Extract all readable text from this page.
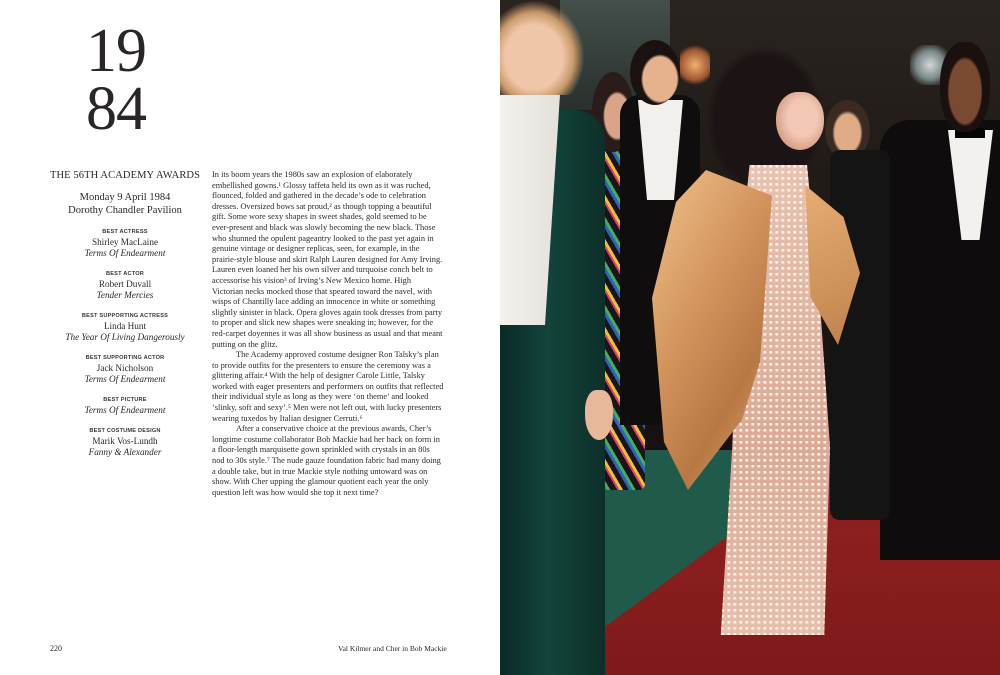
19
84
THE 56TH ACADEMY AWARDS
Monday 9 April 1984
Dorothy Chandler Pavilion
BEST ACTRESS
Shirley MacLaine
Terms Of Endearment
BEST ACTOR
Robert Duvall
Tender Mercies
BEST SUPPORTING ACTRESS
Linda Hunt
The Year Of Living Dangerously
BEST SUPPORTING ACTOR
Jack Nicholson
Terms Of Endearment
BEST PICTURE
Terms Of Endearment
BEST COSTUME DESIGN
Marik Vos-Lundh
Fanny & Alexander

In its boom years the 1980s saw an explosion of elaborately embellished gowns.¹ Glossy taffeta held its own as it was ruched, flounced, folded and gathered in the decade’s ode to celebration dresses. Oversized bows sat proud,² as though topping a beautiful gift. Some wore sexy shapes in sweet shades, gold seemed to be ever-present and black was slowly becoming the new black. Those who shunned the opulent pageantry looked to the past yet again in genuine vintage or designer replicas, seen, for example, in the prairie-style blouse and skirt Ralph Lauren designed for Amy Irving. Lauren even loaned her his own silver and turquoise conch belt to accessorise his vision³ of Irving’s New Mexico home. High Victorian necks mocked those that speared toward the navel, with wisps of Chantilly lace adding an innocence in white or something slightly sinister in black. Opera gloves again took dresses from party to proper and slick new shapes were sneaking in; however, for the red-carpet doyennes it was all show business as usual and that meant putting on the glitz.

The Academy approved costume designer Ron Talsky’s plan to provide outfits for the presenters to ensure the ceremony was a glittering affair.⁴ With the help of designer Carole Little, Talsky worked with eager presenters and performers on outfits that reflected their individual style as long as they were ‘on theme’ and looked ‘slinky, soft and sexy’.⁵ Men were not left out, with lucky presenters wearing tuxedos by Italian designer Cerruti.⁶

After a conservative choice at the previous awards, Cher’s longtime costume collaborator Bob Mackie had her back on form in a floor-length marquisette gown sprinkled with crystals in an 80s nod to 30s style.⁷ The nude gauze foundation fabric had many doing a double take, but in true Mackie style nothing untoward was on show. With Cher upping the glamour quotient each year the only question left was how would she top it next time?

220	Val Kilmer and Cher in Bob Mackie
